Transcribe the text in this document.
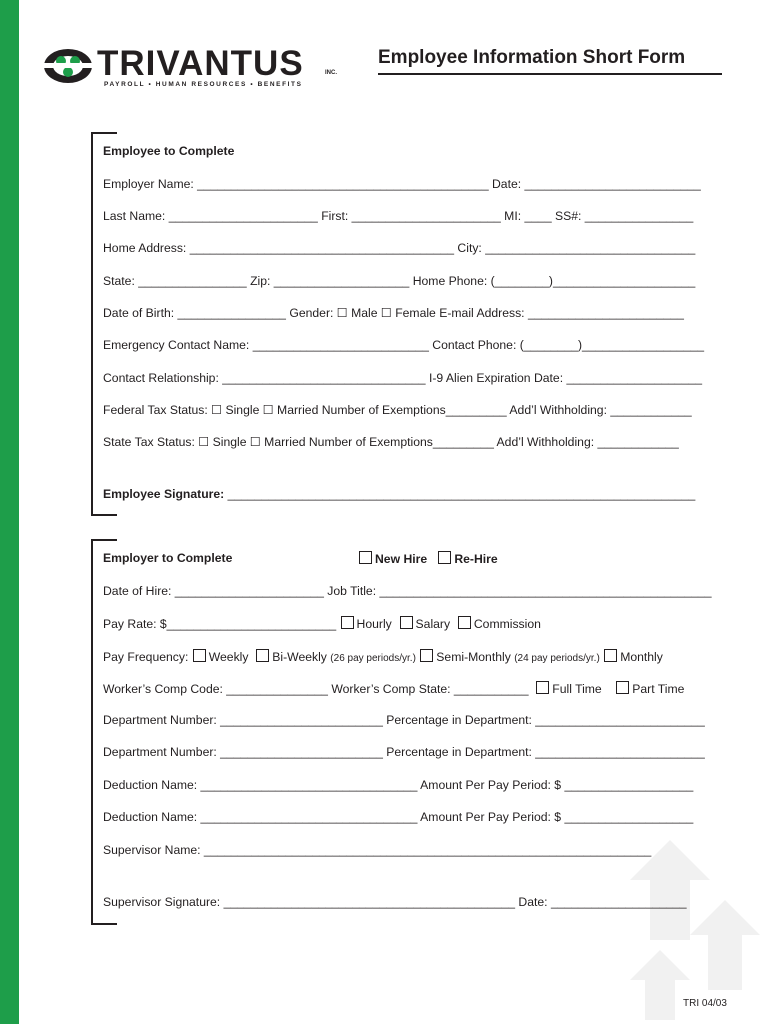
TRIVANTUS	INC.
PAYROLL • HUMAN RESOURCES • BENEFITS
Employee Information Short Form
Employee to Complete
Employer Name: ___________________________________________ Date: __________________________
Last Name: ______________________ First: ______________________ MI: ____ SS#: ________________
Home Address: _______________________________________ City: _______________________________
State: ________________ Zip: ____________________ Home Phone: (________)_____________________
Date of Birth: ________________ Gender: ☐ Male ☐ Female E-mail Address: _______________________
Emergency Contact Name: __________________________ Contact Phone: (________)__________________
Contact Relationship: ______________________________ I-9 Alien Expiration Date: ____________________
Federal Tax Status: ☐ Single ☐ Married Number of Exemptions_________ Add’l Withholding: ____________
State Tax Status: ☐ Single ☐ Married Number of Exemptions_________ Add’l Withholding: ____________
Employee Signature: _____________________________________________________________________
Employer to Complete	New Hire Re-Hire
Date of Hire: ______________________ Job Title: _________________________________________________
Pay Rate: $_________________________ Hourly Salary Commission
Pay Frequency: Weekly Bi-Weekly (26 pay periods/yr.) Semi-Monthly (24 pay periods/yr.) Monthly
Worker’s Comp Code: _______________ Worker’s Comp State: ___________ Full Time	Part Time
Department Number: ________________________ Percentage in Department: _________________________
Department Number: ________________________ Percentage in Department: _________________________
Deduction Name: ________________________________ Amount Per Pay Period: $ ___________________
Deduction Name: ________________________________ Amount Per Pay Period: $ ___________________
Supervisor Name: __________________________________________________________________
Supervisor Signature: ___________________________________________ Date: ____________________
TRI 04/03
